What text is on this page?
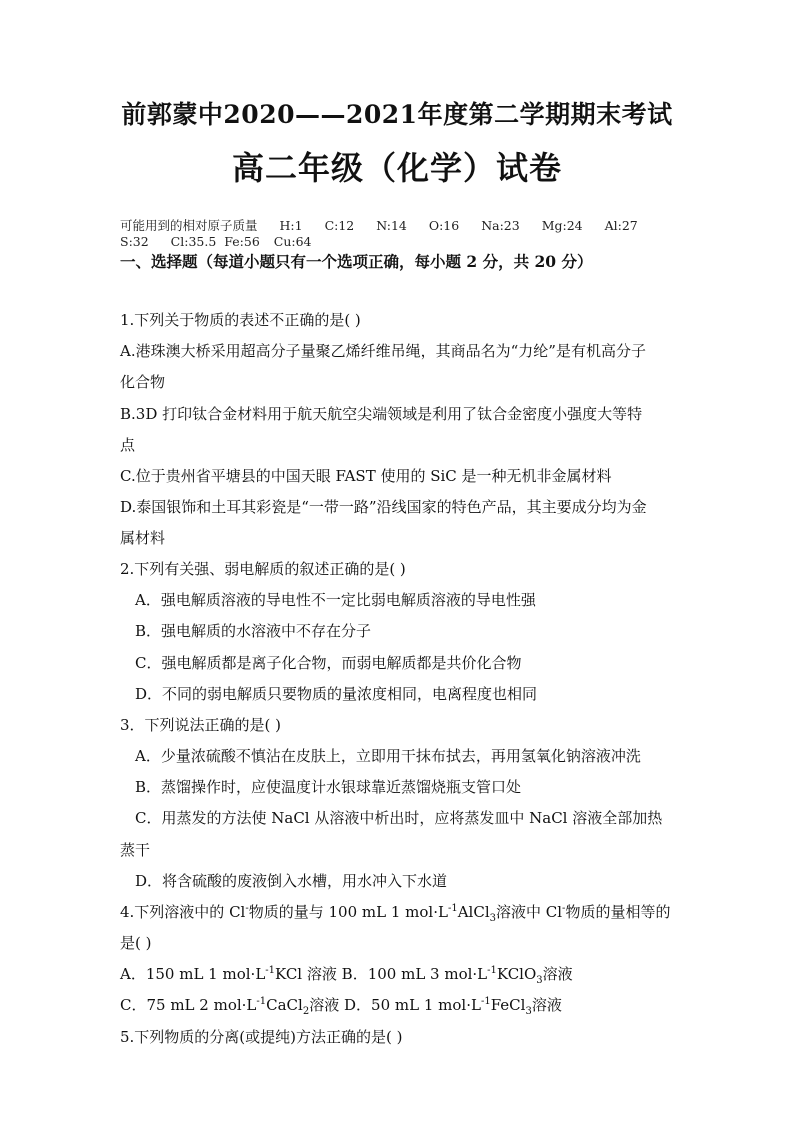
前郭蒙中2020——2021年度第二学期期末考试
高二年级（化学）试卷
可能用到的相对原子质量 H:1 C:12 N:14 O:16 Na:23 Mg:24 Al:27 S:32 Cl:35.5 Fe:56 Cu:64
一、选择题（每道小题只有一个选项正确，每小题 2 分，共 20 分）
1.下列关于物质的表述不正确的是( )
A.港珠澳大桥采用超高分子量聚乙烯纤维吊绳，其商品名为“力纶”是有机高分子
化合物
B.3D 打印钛合金材料用于航天航空尖端领域是利用了钛合金密度小强度大等特
点
C.位于贵州省平塘县的中国天眼 FAST 使用的 SiC 是一种无机非金属材料
D.泰国银饰和土耳其彩瓷是“一带一路”沿线国家的特色产品，其主要成分均为金
属材料
2.下列有关强、弱电解质的叙述正确的是( )
A．强电解质溶液的导电性不一定比弱电解质溶液的导电性强
B．强电解质的水溶液中不存在分子
C．强电解质都是离子化合物，而弱电解质都是共价化合物
D．不同的弱电解质只要物质的量浓度相同，电离程度也相同
3．下列说法正确的是( )
A．少量浓硫酸不慎沾在皮肤上，立即用干抹布拭去，再用氢氧化钠溶液冲洗
B．蒸馏操作时，应使温度计水银球靠近蒸馏烧瓶支管口处
C．用蒸发的方法使 NaCl 从溶液中析出时，应将蒸发皿中 NaCl 溶液全部加热
蒸干
D．将含硫酸的废液倒入水槽，用水冲入下水道
4.下列溶液中的 Cl-物质的量与 100 mL 1 $mol\cdot L^{-1}AlCl_3$溶液中 Cl-物质的量相等的
是( )
A．150 mL 1 $mol\cdot L^{-1}KCl$ 溶液 B．100 mL 3 $mol\cdot L^{-1}KClO_3$溶液
C．75 mL 2 $mol\cdot L^{-1}CaCl_2$溶液 D．50 mL 1 $mol\cdot L^{-1}FeCl_3$溶液
5.下列物质的分离(或提纯)方法正确的是( )
